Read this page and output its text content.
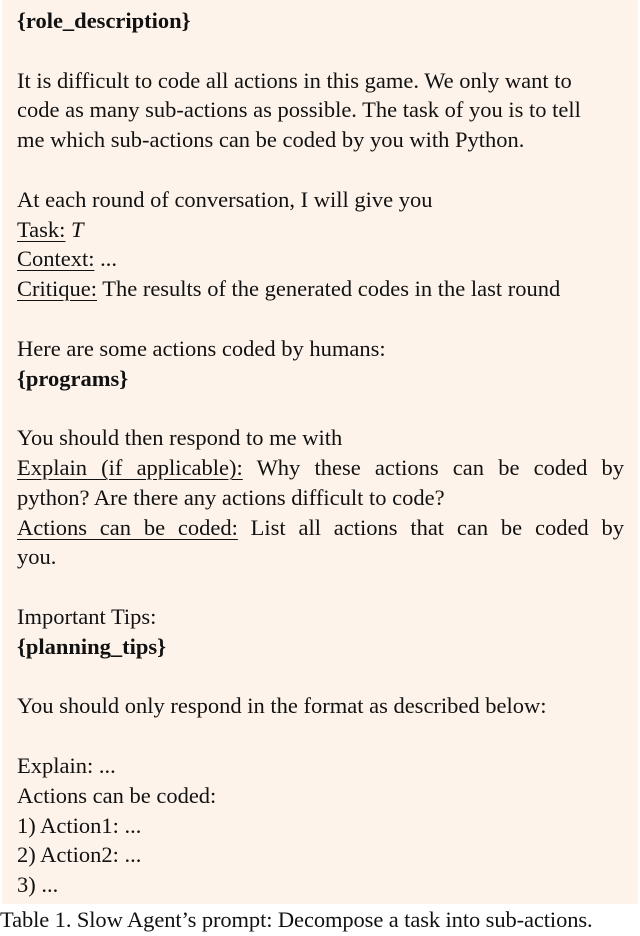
{role_description}
It is difficult to code all actions in this game. We only want to
code as many sub-actions as possible. The task of you is to tell
me which sub-actions can be coded by you with Python.
At each round of conversation, I will give you
Task: T
Context: ...
Critique: The results of the generated codes in the last round
Here are some actions coded by humans:
{programs}
You should then respond to me with
Explain (if applicable): Why these actions can be coded by
python? Are there any actions difficult to code?
Actions can be coded: List all actions that can be coded by
you.
Important Tips:
{planning_tips}
You should only respond in the format as described below:
Explain: ...
Actions can be coded:
1) Action1: ...
2) Action2: ...
3) ...
Table 1. Slow Agent’s prompt: Decompose a task into sub-actions.
